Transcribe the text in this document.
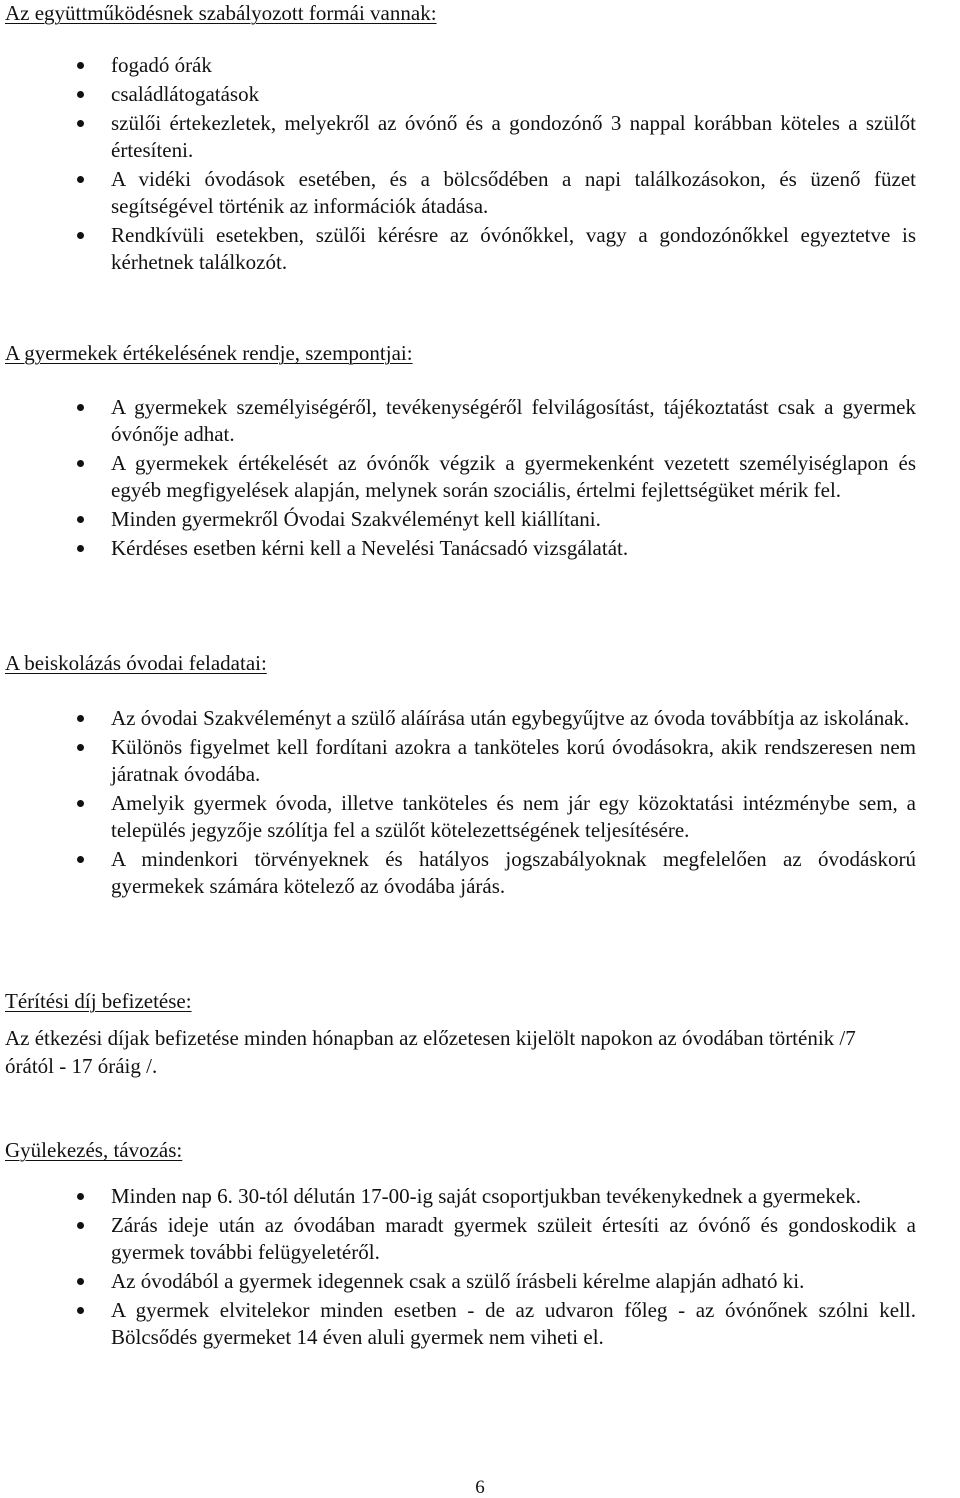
Az együttműködésnek szabályozott formái vannak:
fogadó órák
családlátogatások
szülői értekezletek, melyekről az óvónő és a gondozónő 3 nappal korábban köteles a szülőt értesíteni.
A vidéki óvodások esetében, és a bölcsődében a napi találkozásokon, és üzenő füzet segítségével történik az információk átadása.
Rendkívüli esetekben, szülői kérésre az óvónőkkel, vagy a gondozónőkkel egyeztetve is kérhetnek találkozót.
A gyermekek értékelésének rendje, szempontjai:
A gyermekek személyiségéről, tevékenységéről felvilágosítást, tájékoztatást csak a gyermek óvónője adhat.
A gyermekek értékelését az óvónők végzik a gyermekenként vezetett személyiséglapon és egyéb megfigyelések alapján, melynek során szociális, értelmi fejlettségüket mérik fel.
Minden gyermekről Óvodai Szakvéleményt kell kiállítani.
Kérdéses esetben kérni kell a Nevelési Tanácsadó vizsgálatát.
A beiskolázás óvodai feladatai:
Az óvodai Szakvéleményt a szülő aláírása után egybegyűjtve az óvoda továbbítja az iskolának.
Különös figyelmet kell fordítani azokra a tanköteles korú óvodásokra, akik rendszeresen nem járatnak óvodába.
Amelyik gyermek óvoda, illetve tanköteles és nem jár egy közoktatási intézménybe sem, a település jegyzője szólítja fel a szülőt kötelezettségének teljesítésére.
A mindenkori törvényeknek és hatályos jogszabályoknak megfelelően az óvodáskorú gyermekek számára kötelező az óvodába járás.
Térítési díj befizetése:

Az étkezési díjak befizetése minden hónapban az előzetesen kijelölt napokon az óvodában történik /7 órától - 17 óráig /.

Gyülekezés, távozás:
Minden nap 6. 30-tól délután 17-00-ig saját csoportjukban tevékenykednek a gyermekek.
Zárás ideje után az óvodában maradt gyermek szüleit értesíti az óvónő és gondoskodik a gyermek további felügyeletéről.
Az óvodából a gyermek idegennek csak a szülő írásbeli kérelme alapján adható ki.
A gyermek elvitelekor minden esetben - de az udvaron főleg - az óvónőnek szólni kell. Bölcsődés gyermeket 14 éven aluli gyermek nem viheti el.
6
